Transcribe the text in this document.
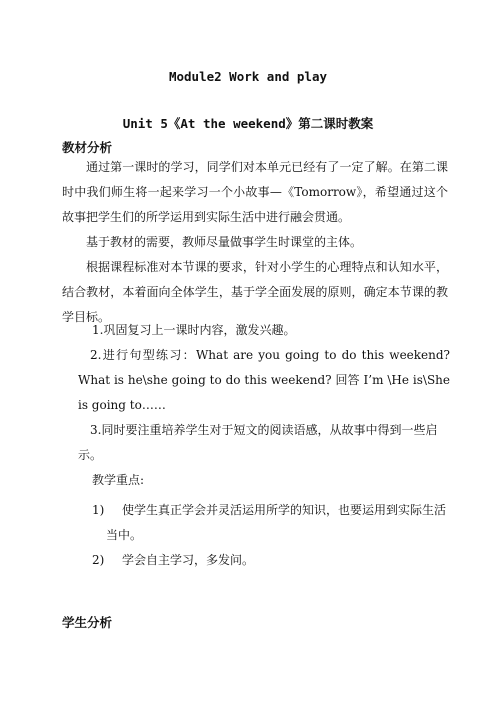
Module2 Work and play
Unit 5《At the weekend》第二课时教案
教材分析
通过第一课时的学习，同学们对本单元已经有了一定了解。在第二课时中我们师生将一起来学习一个小故事—《Tomorrow》，希望通过这个故事把学生们的所学运用到实际生活中进行融会贯通。
基于教材的需要，教师尽量做事学生时课堂的主体。
根据课程标准对本节课的要求，针对小学生的心理特点和认知水平，结合教材，本着面向全体学生，基于学全面发展的原则，确定本节课的教学目标。
1.巩固复习上一课时内容，激发兴趣。
2.进行句型练习：What are you going to do this weekend? What is he\she going to do this weekend? 回答 I’m \He is\She is going to……
3.同时要注重培养学生对于短文的阅读语感，从故事中得到一些启示。
教学重点:
1) 使学生真正学会并灵活运用所学的知识，也要运用到实际生活
当中。
2) 学会自主学习，多发问。
学生分析
